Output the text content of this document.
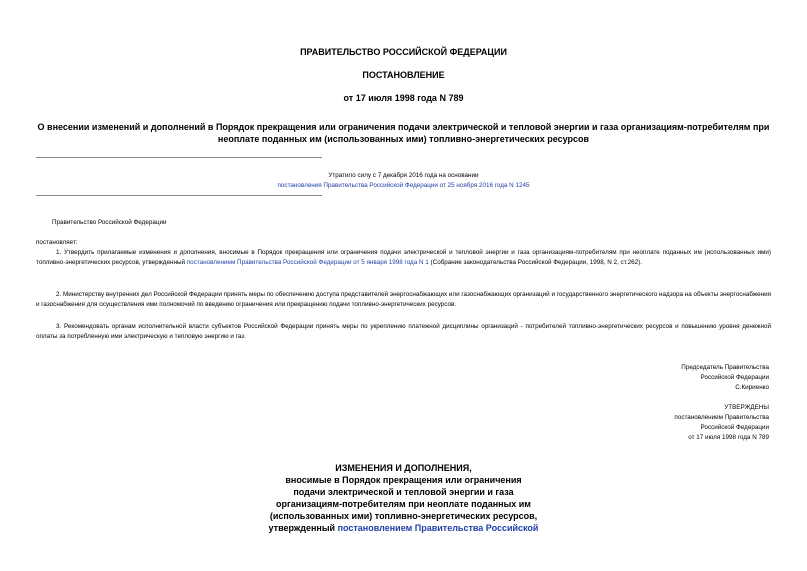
ПРАВИТЕЛЬСТВО РОССИЙСКОЙ ФЕДЕРАЦИИ
ПОСТАНОВЛЕНИЕ
от 17 июля 1998 года N 789
О внесении изменений и дополнений в Порядок прекращения или ограничения подачи электрической и тепловой энергии и газа организациям-потребителям при
неоплате поданных им (использованных ими) топливно-энергетических ресурсов
Утратило силу с 7 декабря 2016 года на основании
постановления Правительства Российской Федерации от 25 ноября 2016 года N 1245
Правительство Российской Федерации
постановляет:
1. Утвердить прилагаемые изменения и дополнения, вносимые в Порядок прекращения или ограничения подачи электрической и тепловой энергии и газа организациям-потребителям при неоплате поданных им (использованных ими) топливно-энергетических ресурсов, утвержденный постановлением Правительства Российской Федерации от 5 января 1998 года N 1 (Собрание законодательства Российской Федерации, 1998, N 2, ст.262).
2. Министерству внутренних дел Российской Федерации принять меры по обеспечению доступа представителей энергоснабжающих или газоснабжающих организаций и государственного энергетического надзора на объекты энергоснабжения и газоснабжения для осуществления ими полномочий по введению ограничения или прекращению подачи топливно-энергетических ресурсов.
3. Рекомендовать органам исполнительной власти субъектов Российской Федерации принять меры по укреплению платежной дисциплины организаций - потребителей топливно-энергетических ресурсов и повышению уровня денежной оплаты за потребленную ими электрическую и тепловую энергию и газ.
Председатель Правительства
Российской Федерации
С.Кириенко
УТВЕРЖДЕНЫ
постановлением Правительства
Российской Федерации
от 17 июля 1998 года N 789
ИЗМЕНЕНИЯ И ДОПОЛНЕНИЯ,
вносимые в Порядок прекращения или ограничения
подачи электрической и тепловой энергии и газа
организациям-потребителям при неоплате поданных им
(использованных ими) топливно-энергетических ресурсов,
утвержденный постановлением Правительства Российской
